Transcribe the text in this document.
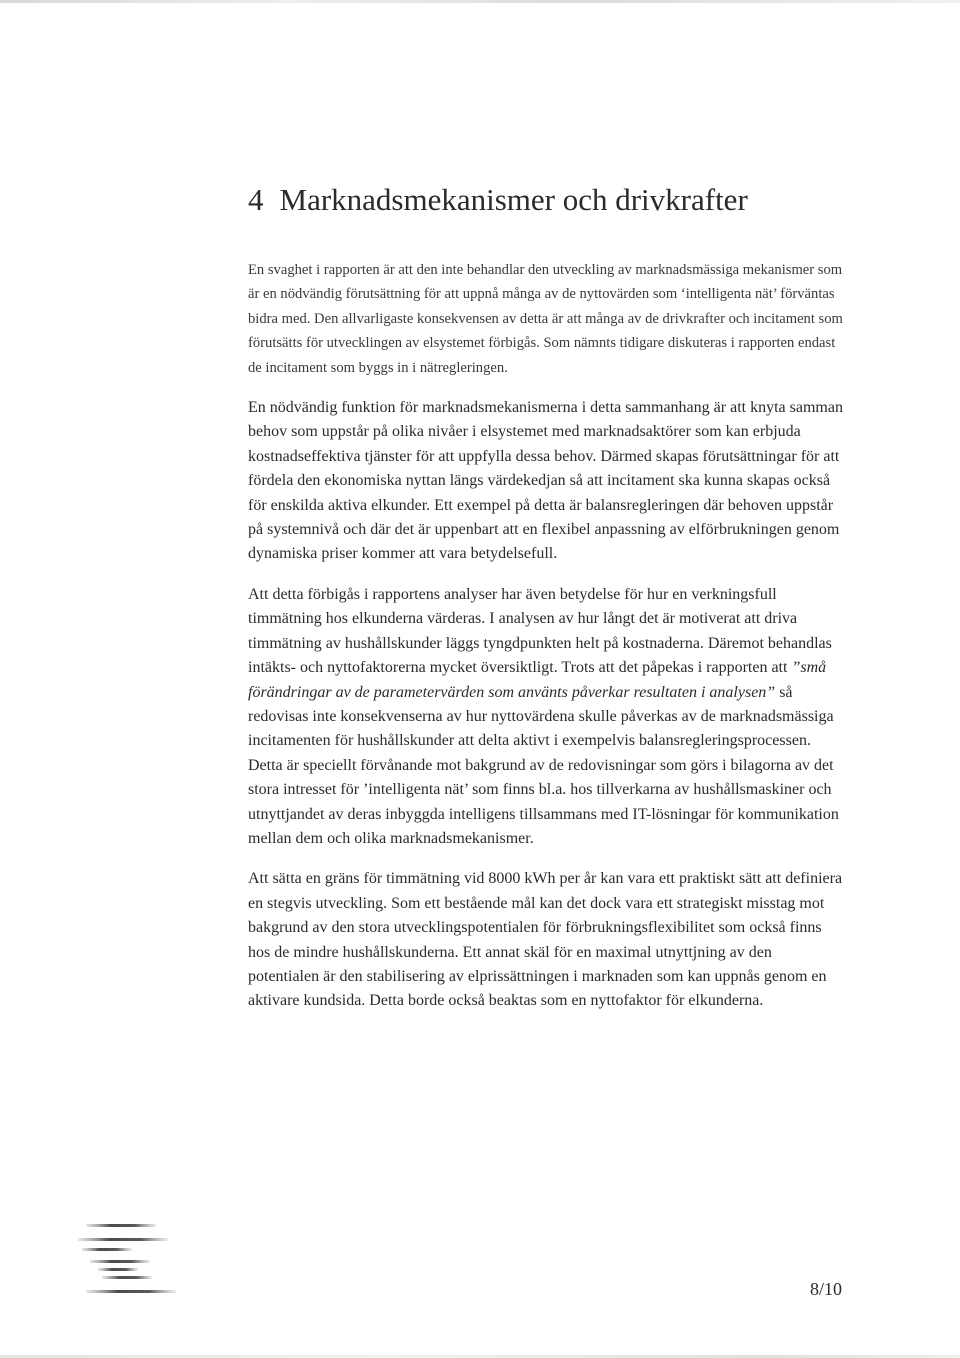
4 Marknadsmekanismer och drivkrafter

En svaghet i rapporten är att den inte behandlar den utveckling av marknadsmässiga mekanismer som är en nödvändig förutsättning för att uppnå många av de nyttovärden som ‘intelligenta nät’ förväntas bidra med. Den allvarligaste konsekvensen av detta är att många av de drivkrafter och incitament som förutsätts för utvecklingen av elsystemet förbigås. Som nämnts tidigare diskuteras i rapporten endast de incitament som byggs in i nätregleringen.

En nödvändig funktion för marknadsmekanismerna i detta sammanhang är att knyta samman behov som uppstår på olika nivåer i elsystemet med marknadsaktörer som kan erbjuda kostnadseffektiva tjänster för att uppfylla dessa behov. Därmed skapas förutsättningar för att fördela den ekonomiska nyttan längs värdekedjan så att incitament ska kunna skapas också för enskilda aktiva elkunder. Ett exempel på detta är balansregleringen där behoven uppstår på systemnivå och där det är uppenbart att en flexibel anpassning av elförbrukningen genom dynamiska priser kommer att vara betydelsefull.

Att detta förbigås i rapportens analyser har även betydelse för hur en verkningsfull timmätning hos elkunderna värderas. I analysen av hur långt det är motiverat att driva timmätning av hushållskunder läggs tyngdpunkten helt på kostnaderna. Däremot behandlas intäkts- och nyttofaktorerna mycket översiktligt. Trots att det påpekas i rapporten att ”små förändringar av de parametervärden som använts påverkar resultaten i analysen” så redovisas inte konsekvenserna av hur nyttovärdena skulle påverkas av de marknadsmässiga incitamenten för hushållskunder att delta aktivt i exempelvis balansregleringsprocessen. Detta är speciellt förvånande mot bakgrund av de redovisningar som görs i bilagorna av det stora intresset för ’intelligenta nät’ som finns bl.a. hos tillverkarna av hushållsmaskiner och utnyttjandet av deras inbyggda intelligens tillsammans med IT-lösningar för kommunikation mellan dem och olika marknadsmekanismer.

Att sätta en gräns för timmätning vid 8000 kWh per år kan vara ett praktiskt sätt att definiera en stegvis utveckling. Som ett bestående mål kan det dock vara ett strategiskt misstag mot bakgrund av den stora utvecklingspotentialen för förbrukningsflexibilitet som också finns hos de mindre hushållskunderna. Ett annat skäl för en maximal utnyttjning av den potentialen är den stabilisering av elprissättningen i marknaden som kan uppnås genom en aktivare kundsida. Detta borde också beaktas som en nyttofaktor för elkunderna.

8/10
